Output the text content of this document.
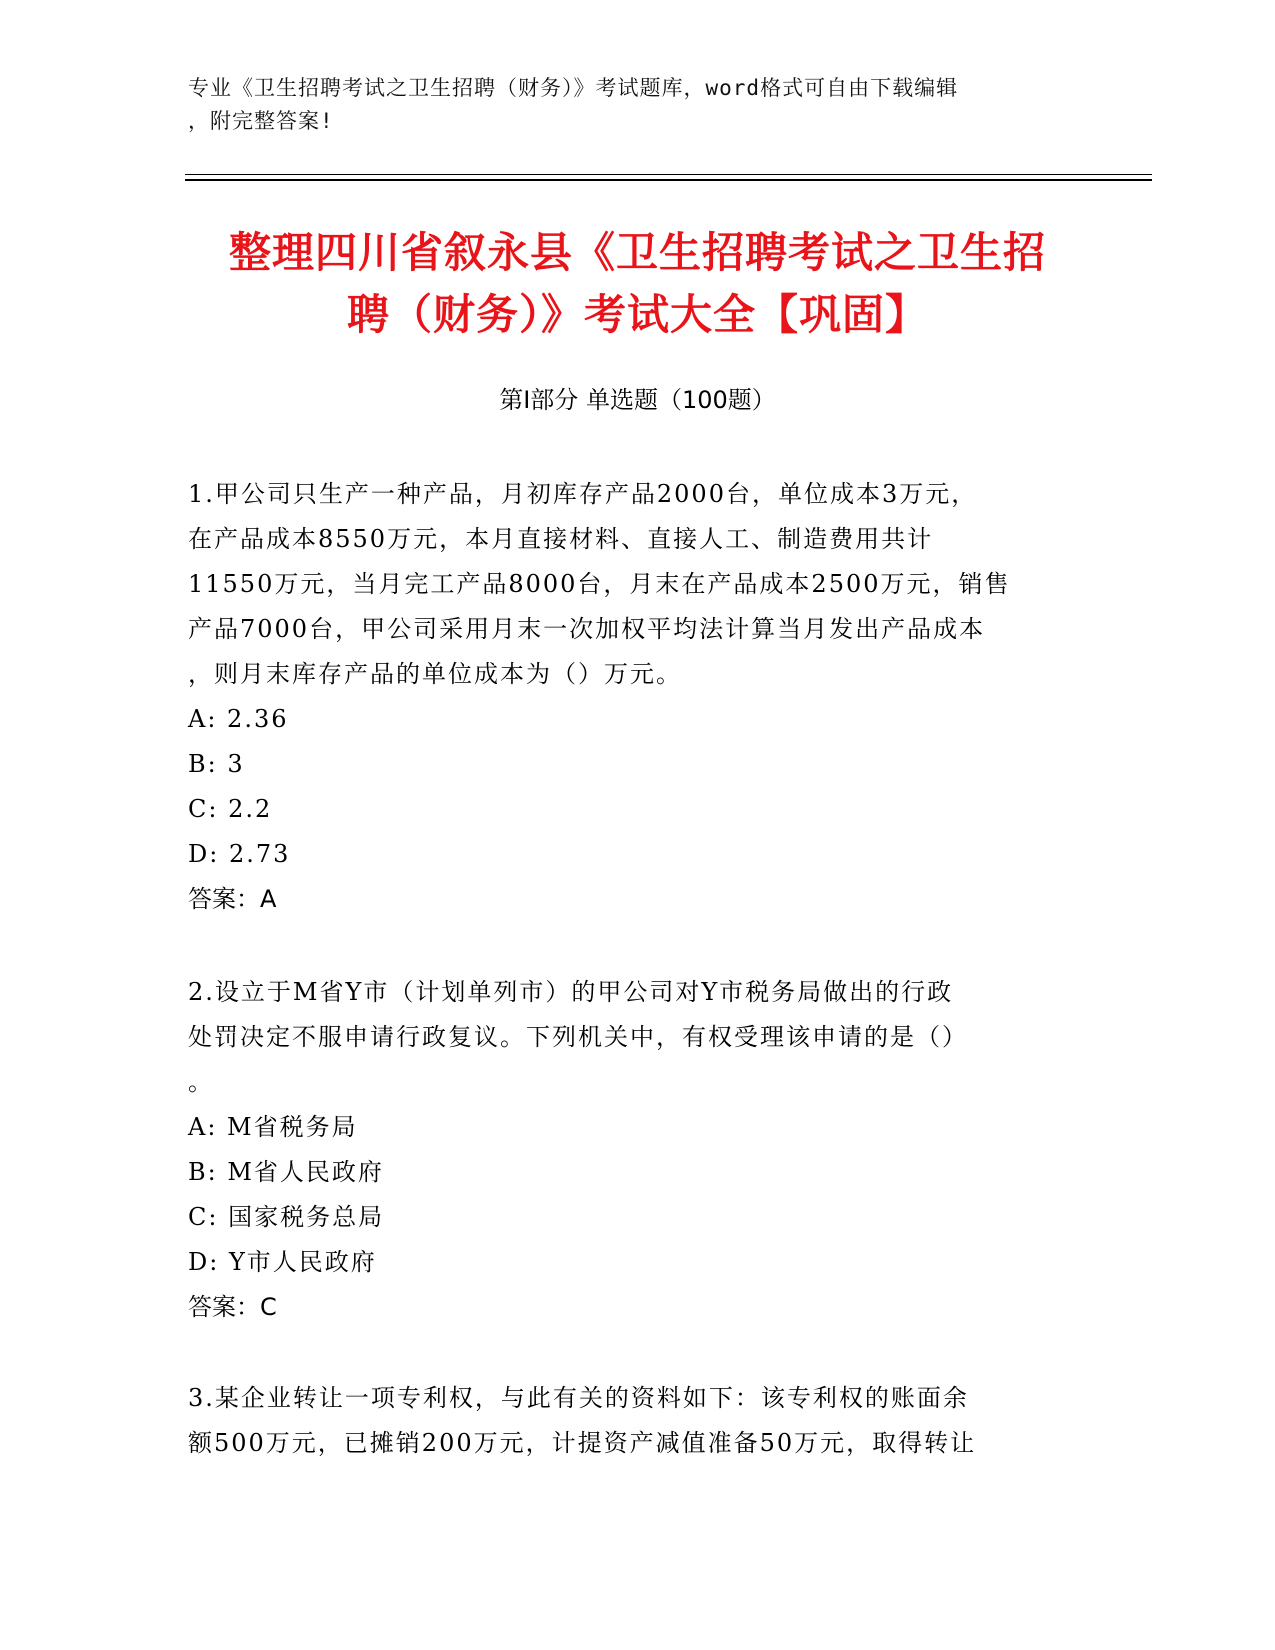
专业《卫生招聘考试之卫生招聘（财务）》考试题库，word格式可自由下载编辑
，附完整答案!
整理四川省叙永县《卫生招聘考试之卫生招
聘（财务）》考试大全【巩固】
第I部分 单选题（100题）
1.甲公司只生产一种产品，月初库存产品2000台，单位成本3万元，
在产品成本8550万元，本月直接材料、直接人工、制造费用共计
11550万元，当月完工产品8000台，月末在产品成本2500万元，销售
产品7000台，甲公司采用月末一次加权平均法计算当月发出产品成本
，则月末库存产品的单位成本为（）万元。
A: 2.36
B: 3
C: 2.2
D: 2.73
答案：A
2.设立于M省Y市（计划单列市）的甲公司对Y市税务局做出的行政
处罚决定不服申请行政复议。下列机关中，有权受理该申请的是（）
。
A: M省税务局
B: M省人民政府
C: 国家税务总局
D: Y市人民政府
答案：C
3.某企业转让一项专利权，与此有关的资料如下：该专利权的账面余
额500万元，已摊销200万元，计提资产减值准备50万元，取得转让
